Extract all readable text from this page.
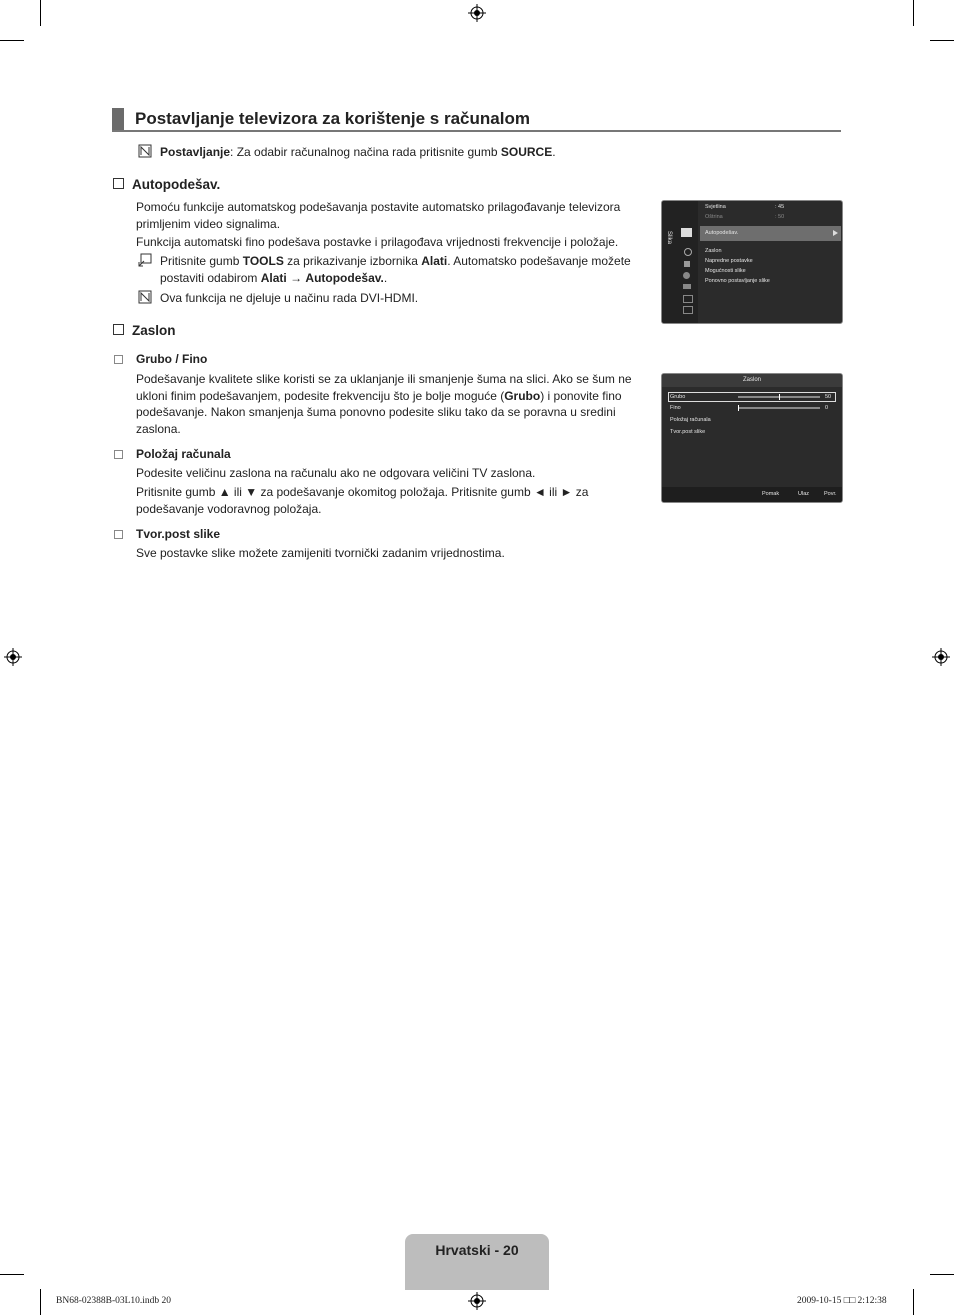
Postavljanje televizora za korištenje s računalom
Postavljanje: Za odabir računalnog načina rada pritisnite gumb SOURCE.
Autopodešav.
Pomoću funkcije automatskog podešavanja postavite automatsko prilagođavanje televizora primljenim video signalima.
Funkcija automatski fino podešava postavke i prilagođava vrijednosti frekvencije i položaje.
Pritisnite gumb TOOLS za prikazivanje izbornika Alati. Automatsko podešavanje možete postaviti odabirom Alati → Autopodešav..
Ova funkcija ne djeluje u načinu rada DVI-HDMI.
Zaslon
Grubo / Fino
Podešavanje kvalitete slike koristi se za uklanjanje ili smanjenje šuma na slici. Ako se šum ne ukloni finim podešavanjem, podesite frekvenciju što je bolje moguće (Grubo) i ponovite fino podešavanje. Nakon smanjenja šuma ponovno podesite sliku tako da se poravna u sredini zaslona.
Položaj računala
Podesite veličinu zaslona na računalu ako ne odgovara veličini TV zaslona.
Pritisnite gumb ▲ ili ▼ za podešavanje okomitog položaja. Pritisnite gumb ◄ ili ► za podešavanje vodoravnog položaja.
Tvor.post slike
Sve postavke slike možete zamijeniti tvornički zadanim vrijednostima.
Slika
Svjetlina	: 45
Oštrina	: 50
Autopodešav.
Zaslon
Napredne postavke
Mogućnosti slike
Ponovno postavljanje slike
Zaslon
Grubo	50
Fino	0
Položaj računala
Tvor.post slike
Pomak	Ulaz	Povr.
Hrvatski - 20
BN68-02388B-03L10.indb 20	2009-10-15 □□ 2:12:38
